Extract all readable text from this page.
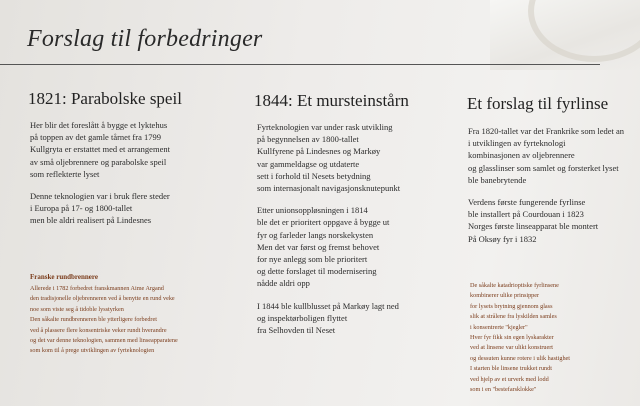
Forslag til forbedringer
1821: Parabolske speil

Her blir det foreslått å bygge et lyktehus
på toppen av det gamle tårnet fra 1799
Kullgryta er erstattet med et arrangement
av små oljebrennere og parabolske speil
som reflekterte lyset

Denne teknologien var i bruk flere steder
i Europa på 17- og 1800-tallet
men ble aldri realisert på Lindesnes

Franske rundbrennere
Allerede i 1782 forbedret franskmannen Aime Argand
den tradisjonelle oljebrenneren ved å benytte en rund veke
noe som viste seg å tidoble lysstyrken
Den såkalte rundbrenneren ble ytterligere forbedret
ved å plassere flere konsentriske veker rundt hverandre
og det var denne teknologien, sammen med linseapparatene
som kom til å prege utviklingen av fyrteknologien
1844: Et mursteinstårn

Fyrteknologien var under rask utvikling
på begynnelsen av 1800-tallet
Kullfyrene på Lindesnes og Markøy
var gammeldagse og utdaterte
sett i forhold til Nesets betydning
som internasjonalt navigasjonsknutepunkt

Etter unionsoppløsningen i 1814
ble det er prioritert oppgave å bygge ut
fyr og farleder langs norskekysten
Men det var først og fremst behovet
for nye anlegg som ble prioritert
og dette forslaget til modernisering
nådde aldri opp

I 1844 ble kullblusset på Markøy lagt ned
og inspektørboligen flyttet
fra Selhovden til Neset

Et forslag til fyrlinse

Fra 1820-tallet var det Frankrike som ledet an
i utviklingen av fyrteknologi
kombinasjonen av oljebrennere
og glasslinser som samlet og forsterket lyset
ble banebrytende

Verdens første fungerende fyrlinse
ble installert på Courdouan i 1823
Norges første linseapparat ble montert
På Oksøy fyr i 1832

De såkalte katadrioptiske fyrlinsene
kombinerer ulike prinsipper
for lysets brytning gjennom glass
slik at strålene fra lyskilden samles
i konsentrerte "kjegler"
Hver fyr fikk sin egen lyskarakter
ved at linsene var ulikt konstruert
og dessuten kunne rotere i ulik hastighet
I starten ble linsene trukket rundt
ved hjelp av et urverk med lodd
som i en "bestefarsklokke"
